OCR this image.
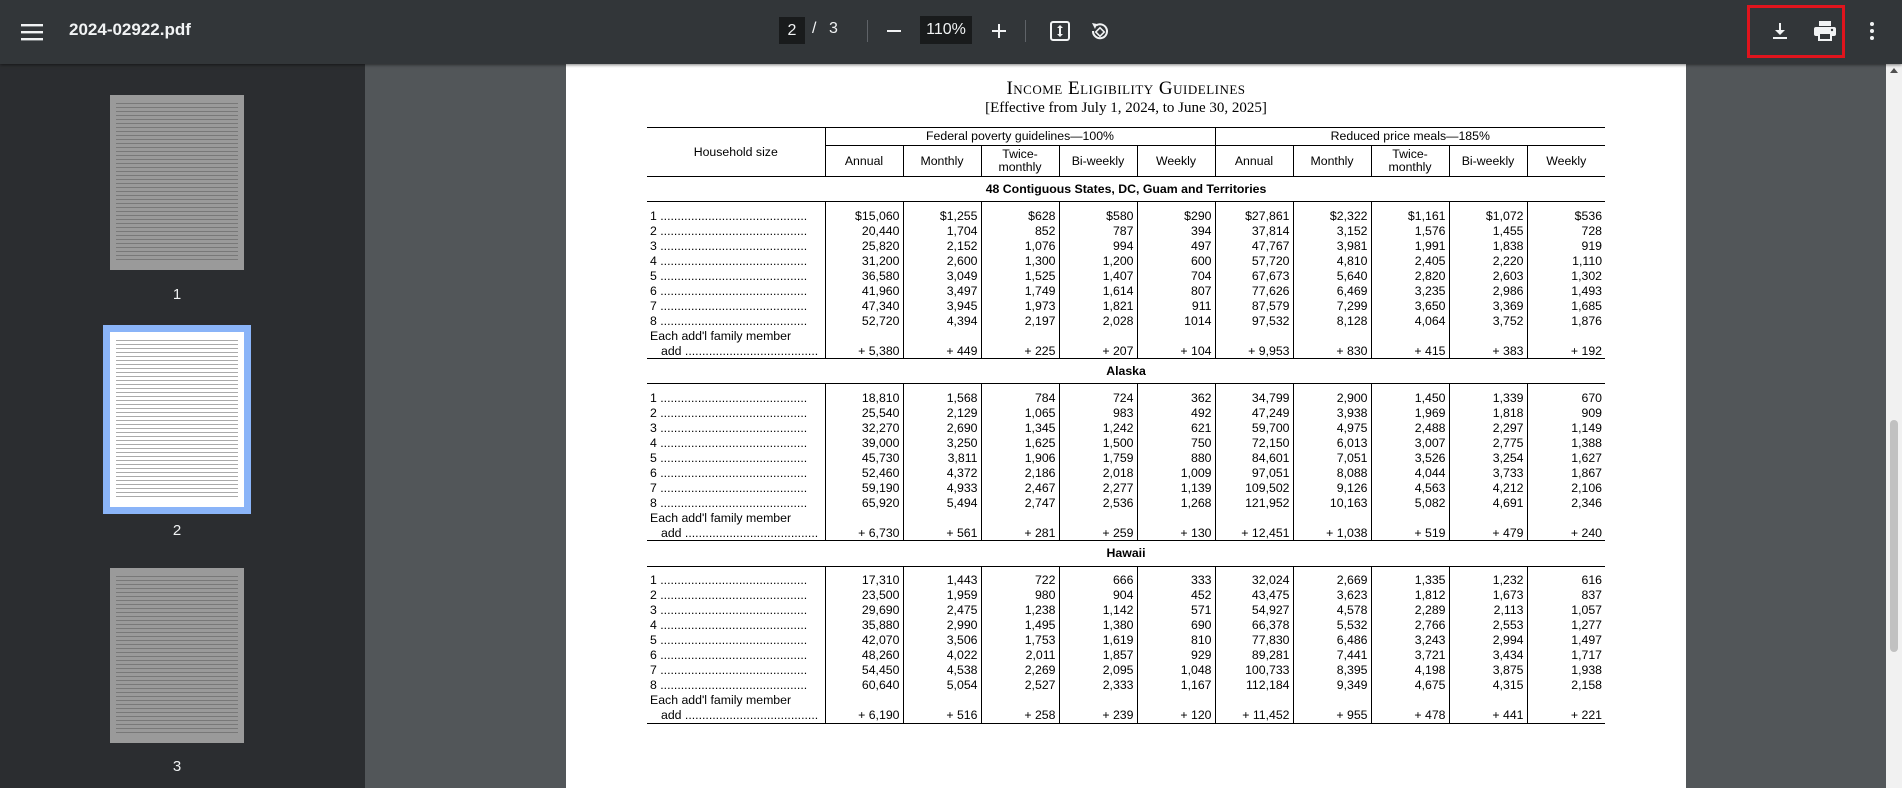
2024-02922.pdf
2	/ 3
110%
1
2
3
Income Eligibility Guidelines
[Effective from July 1, 2024, to June 30, 2025]
Household size	Federal poverty guidelines—100%					Reduced price meals—185%				
	Annual	Monthly	Twice-monthly	Bi-weekly	Weekly	Annual	Monthly	Twice-monthly	Bi-weekly	Weekly
48 Contiguous States, DC, Guam and Territories										

1 ...........................................	$15,060	$1,255	$628	$580	$290	$27,861	$2,322	$1,161	$1,072	$536
2 ...........................................	20,440	1,704	852	787	394	37,814	3,152	1,576	1,455	728
3 ...........................................	25,820	2,152	1,076	994	497	47,767	3,981	1,991	1,838	919
4 ...........................................	31,200	2,600	1,300	1,200	600	57,720	4,810	2,405	2,220	1,110
5 ...........................................	36,580	3,049	1,525	1,407	704	67,673	5,640	2,820	2,603	1,302
6 ...........................................	41,960	3,497	1,749	1,614	807	77,626	6,469	3,235	2,986	1,493
7 ...........................................	47,340	3,945	1,973	1,821	911	87,579	7,299	3,650	3,369	1,685
8 ...........................................	52,720	4,394	2,197	2,028	1014	97,532	8,128	4,064	3,752	1,876
Each add'l family member										
add .......................................	+ 5,380	+ 449	+ 225	+ 207	+ 104	+ 9,953	+ 830	+ 415	+ 383	+ 192
Alaska										

1 ...........................................	18,810	1,568	784	724	362	34,799	2,900	1,450	1,339	670
2 ...........................................	25,540	2,129	1,065	983	492	47,249	3,938	1,969	1,818	909
3 ...........................................	32,270	2,690	1,345	1,242	621	59,700	4,975	2,488	2,297	1,149
4 ...........................................	39,000	3,250	1,625	1,500	750	72,150	6,013	3,007	2,775	1,388
5 ...........................................	45,730	3,811	1,906	1,759	880	84,601	7,051	3,526	3,254	1,627
6 ...........................................	52,460	4,372	2,186	2,018	1,009	97,051	8,088	4,044	3,733	1,867
7 ...........................................	59,190	4,933	2,467	2,277	1,139	109,502	9,126	4,563	4,212	2,106
8 ...........................................	65,920	5,494	2,747	2,536	1,268	121,952	10,163	5,082	4,691	2,346
Each add'l family member										
add .......................................	+ 6,730	+ 561	+ 281	+ 259	+ 130	+ 12,451	+ 1,038	+ 519	+ 479	+ 240
Hawaii										

1 ...........................................	17,310	1,443	722	666	333	32,024	2,669	1,335	1,232	616
2 ...........................................	23,500	1,959	980	904	452	43,475	3,623	1,812	1,673	837
3 ...........................................	29,690	2,475	1,238	1,142	571	54,927	4,578	2,289	2,113	1,057
4 ...........................................	35,880	2,990	1,495	1,380	690	66,378	5,532	2,766	2,553	1,277
5 ...........................................	42,070	3,506	1,753	1,619	810	77,830	6,486	3,243	2,994	1,497
6 ...........................................	48,260	4,022	2,011	1,857	929	89,281	7,441	3,721	3,434	1,717
7 ...........................................	54,450	4,538	2,269	2,095	1,048	100,733	8,395	4,198	3,875	1,938
8 ...........................................	60,640	5,054	2,527	2,333	1,167	112,184	9,349	4,675	4,315	2,158
Each add'l family member										
add .......................................	+ 6,190	+ 516	+ 258	+ 239	+ 120	+ 11,452	+ 955	+ 478	+ 441	+ 221
